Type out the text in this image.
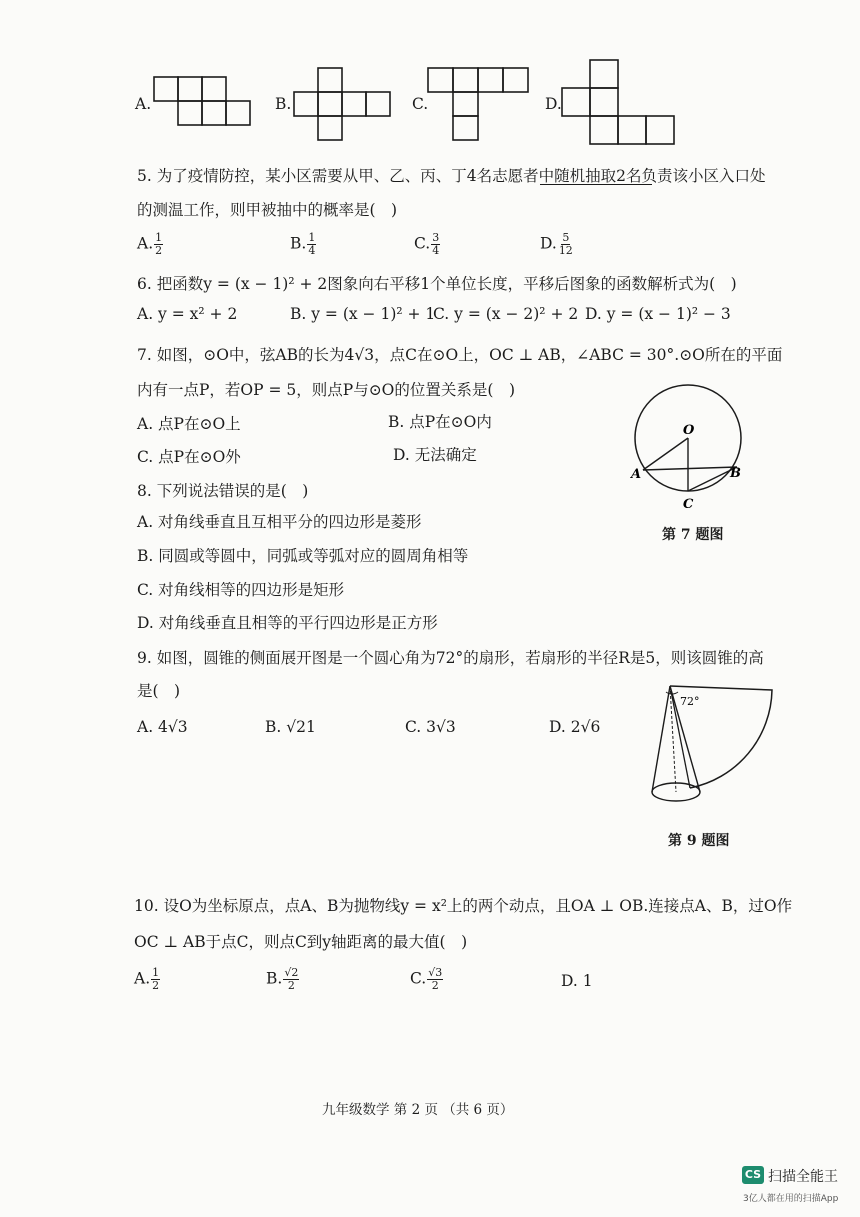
A.	B.	C.	D.
5. 为了疫情防控，某小区需要从甲、乙、丙、丁4名志愿者中随机抽取2名负责该小区入口处
的测温工作，则甲被抽中的概率是(　)
A. $\frac{1}{2}$	B. $\frac{1}{4}$	C. $\frac{3}{4}$	D. $\frac{5}{12}$
6. 把函数y = (x − 1)² + 2图象向右平移1个单位长度，平移后图象的函数解析式为(　)
A. y = x² + 2	B. y = (x − 1)² + 1
C. y = (x − 2)² + 2 D. y = (x − 1)² − 3
7. 如图，⊙O中，弦AB的长为4√3，点C在⊙O上，OC ⊥ AB，∠ABC = 30°.⊙O所在的平面
内有一点P，若OP = 5，则点P与⊙O的位置关系是(　)
A. 点P在⊙O上	B. 点P在⊙O内
C. 点P在⊙O外	D. 无法确定
O
A	B
C
第 7 题图
8. 下列说法错误的是(　)
A. 对角线垂直且互相平分的四边形是菱形
B. 同圆或等圆中，同弧或等弧对应的圆周角相等
C. 对角线相等的四边形是矩形
D. 对角线垂直且相等的平行四边形是正方形
9. 如图，圆锥的侧面展开图是一个圆心角为72°的扇形，若扇形的半径R是5，则该圆锥的高
是(　)
A. 4√3	B. √21	C. 3√3	D. 2√6
72°
第 9 题图
10. 设O为坐标原点，点A、B为抛物线y = x²上的两个动点，且OA ⊥ OB.连接点A、B，过O作
OC ⊥ AB于点C，则点C到y轴距离的最大值(　)
A. $\frac{1}{2}$	B. $\frac{√2}{2}$	C. $\frac{√3}{2}$	D. 1
九年级数学 第 2 页 （共 6 页）
CS 扫描全能王
3亿人都在用的扫描App
